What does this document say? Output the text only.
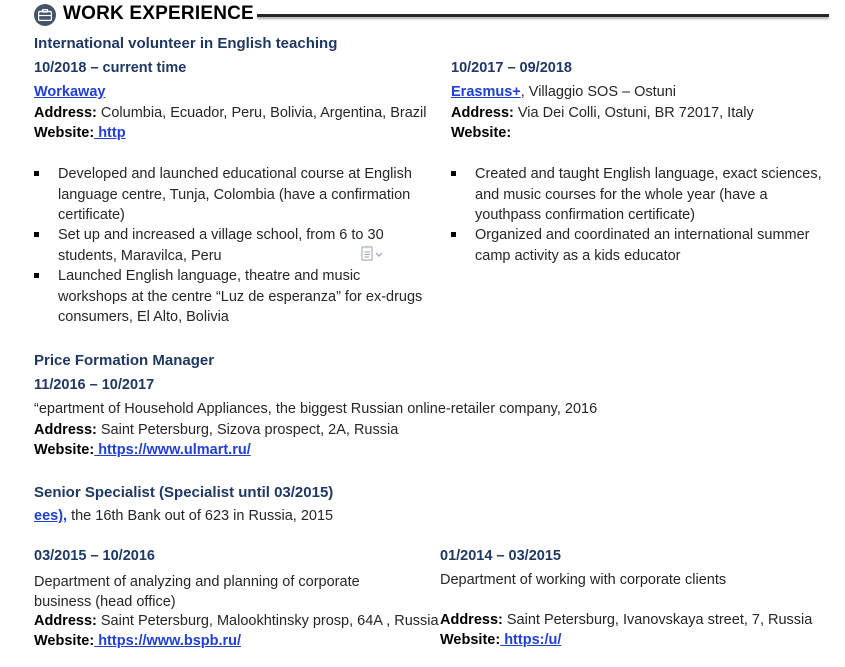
WORK EXPERIENCE
International volunteer in English teaching
10/2018 – current time
Workaway
Address: Columbia, Ecuador, Peru, Bolivia, Argentina, Brazil
Website: http
Developed and launched educational course at English language centre, Tunja, Colombia (have a confirmation certificate)
Set up and increased a village school, from 6 to 30 students, Maravilca, Peru
Launched English language, theatre and music workshops at the centre “Luz de esperanza” for ex-drugs consumers, El Alto, Bolivia
10/2017 – 09/2018
Erasmus+, Villaggio SOS – Ostuni
Address: Via Dei Colli, Ostuni, BR 72017, Italy
Website:
Created and taught English language, exact sciences, and music courses for the whole year (have a youthpass confirmation certificate)
Organized and coordinated an international summer camp activity as a kids educator
Price Formation Manager
11/2016 – 10/2017
“epartment of Household Appliances, the biggest Russian online-retailer company, 2016
Address: Saint Petersburg, Sizova prospect, 2A, Russia
Website: https://www.ulmart.ru/
Senior Specialist (Specialist until 03/2015)
ees), the 16th Bank out of 623 in Russia, 2015
03/2015 – 10/2016
Department of analyzing and planning of corporate business (head office)
Address: Saint Petersburg, Malookhtinsky prosp, 64A , Russia
Website: https://www.bspb.ru/
01/2014 – 03/2015
Department of working with corporate clients
Address: Saint Petersburg, Ivanovskaya street, 7, Russia
Website: https:/u/
